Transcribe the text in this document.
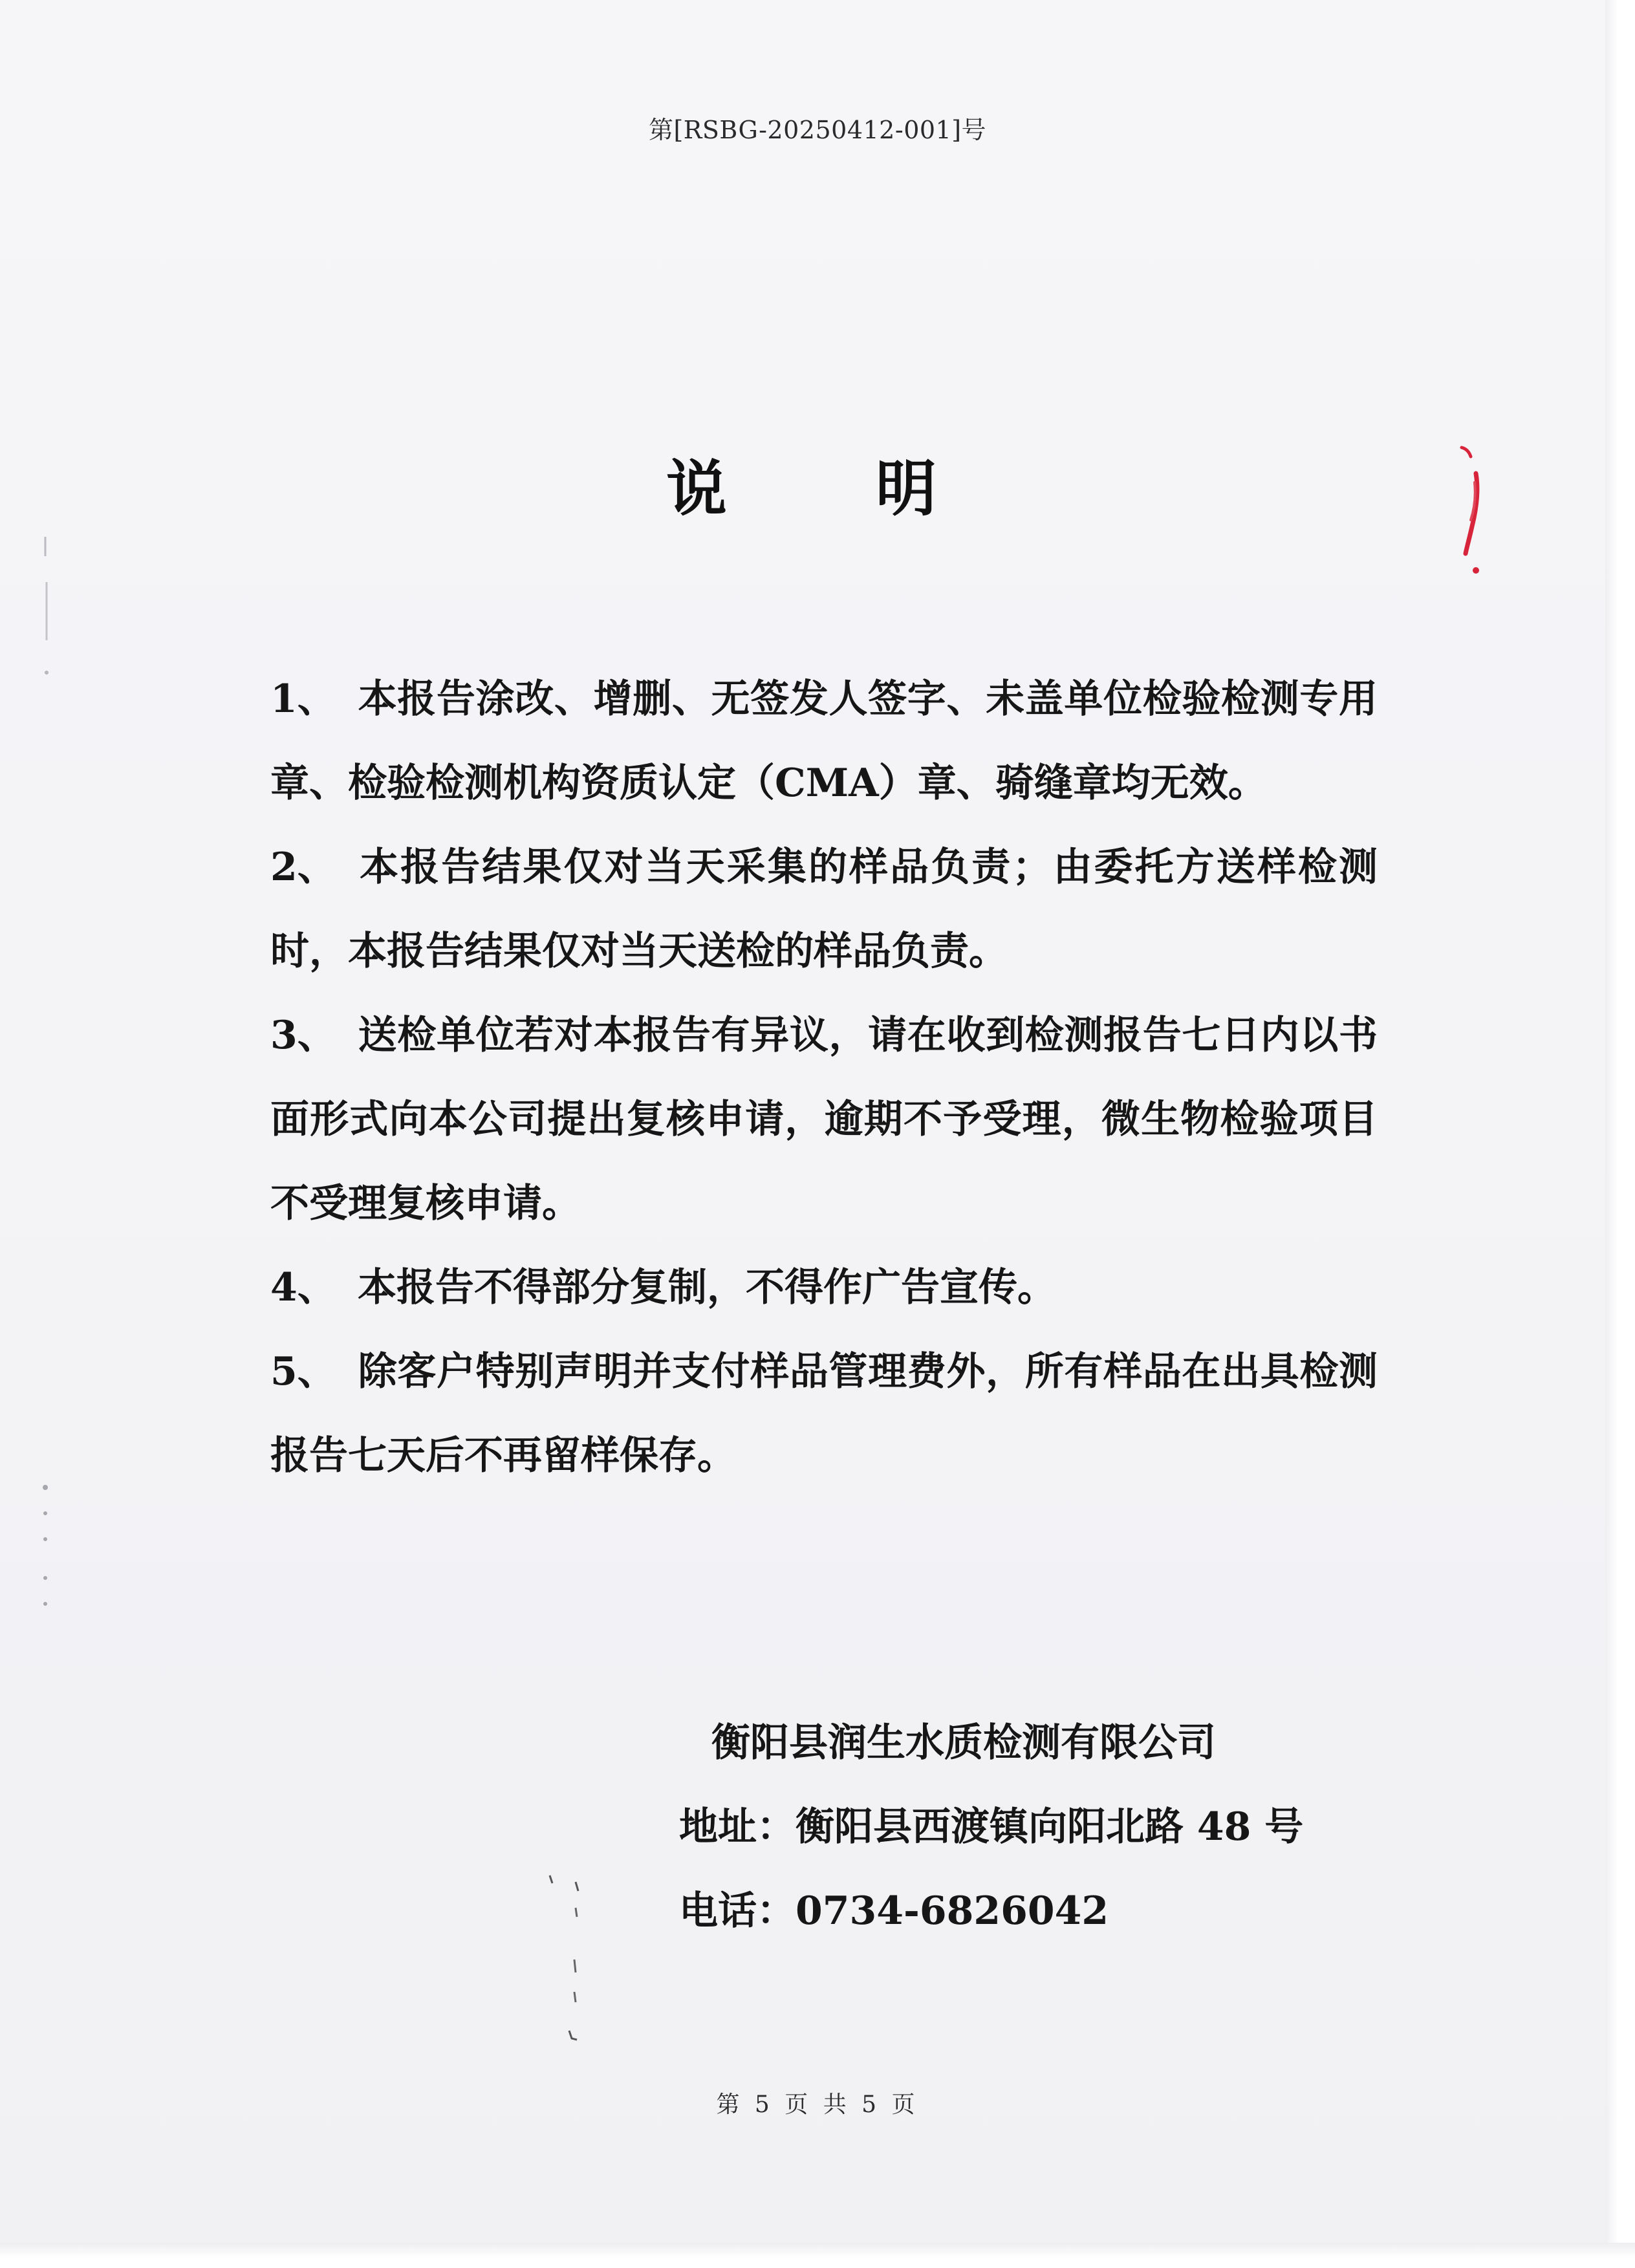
第[RSBG-20250412-001]号
说 明
1、 本报告涂改、增删、无签发人签字、未盖单位检验检测专用章、检验检测机构资质认定（CMA）章、骑缝章均无效。
2、 本报告结果仅对当天采集的样品负责；由委托方送样检测时，本报告结果仅对当天送检的样品负责。
3、 送检单位若对本报告有异议，请在收到检测报告七日内以书面形式向本公司提出复核申请，逾期不予受理，微生物检验项目不受理复核申请。
4、 本报告不得部分复制，不得作广告宣传。
5、 除客户特别声明并支付样品管理费外，所有样品在出具检测报告七天后不再留样保存。
衡阳县润生水质检测有限公司
地址：衡阳县西渡镇向阳北路 48 号
电话：0734-6826042
第 5 页 共 5 页
